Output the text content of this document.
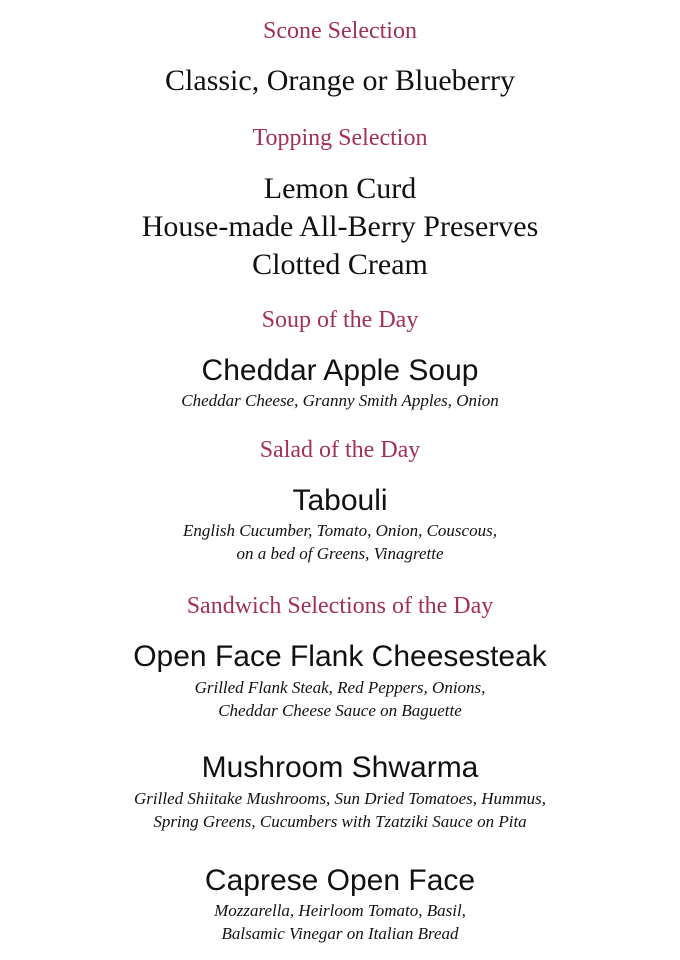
Scone Selection
Classic, Orange or Blueberry
Topping Selection
Lemon Curd
House-made All-Berry Preserves
Clotted Cream
Soup of the Day
Cheddar Apple Soup
Cheddar Cheese, Granny Smith Apples, Onion
Salad of the Day
Tabouli
English Cucumber, Tomato, Onion, Couscous,
on a bed of Greens, Vinagrette
Sandwich Selections of the Day
Open Face Flank Cheesesteak
Grilled Flank Steak, Red Peppers, Onions,
Cheddar Cheese Sauce on Baguette
Mushroom Shwarma
Grilled Shiitake Mushrooms, Sun Dried Tomatoes, Hummus,
Spring Greens, Cucumbers with Tzatziki Sauce on Pita
Caprese Open Face
Mozzarella, Heirloom Tomato, Basil,
Balsamic Vinegar on Italian Bread
